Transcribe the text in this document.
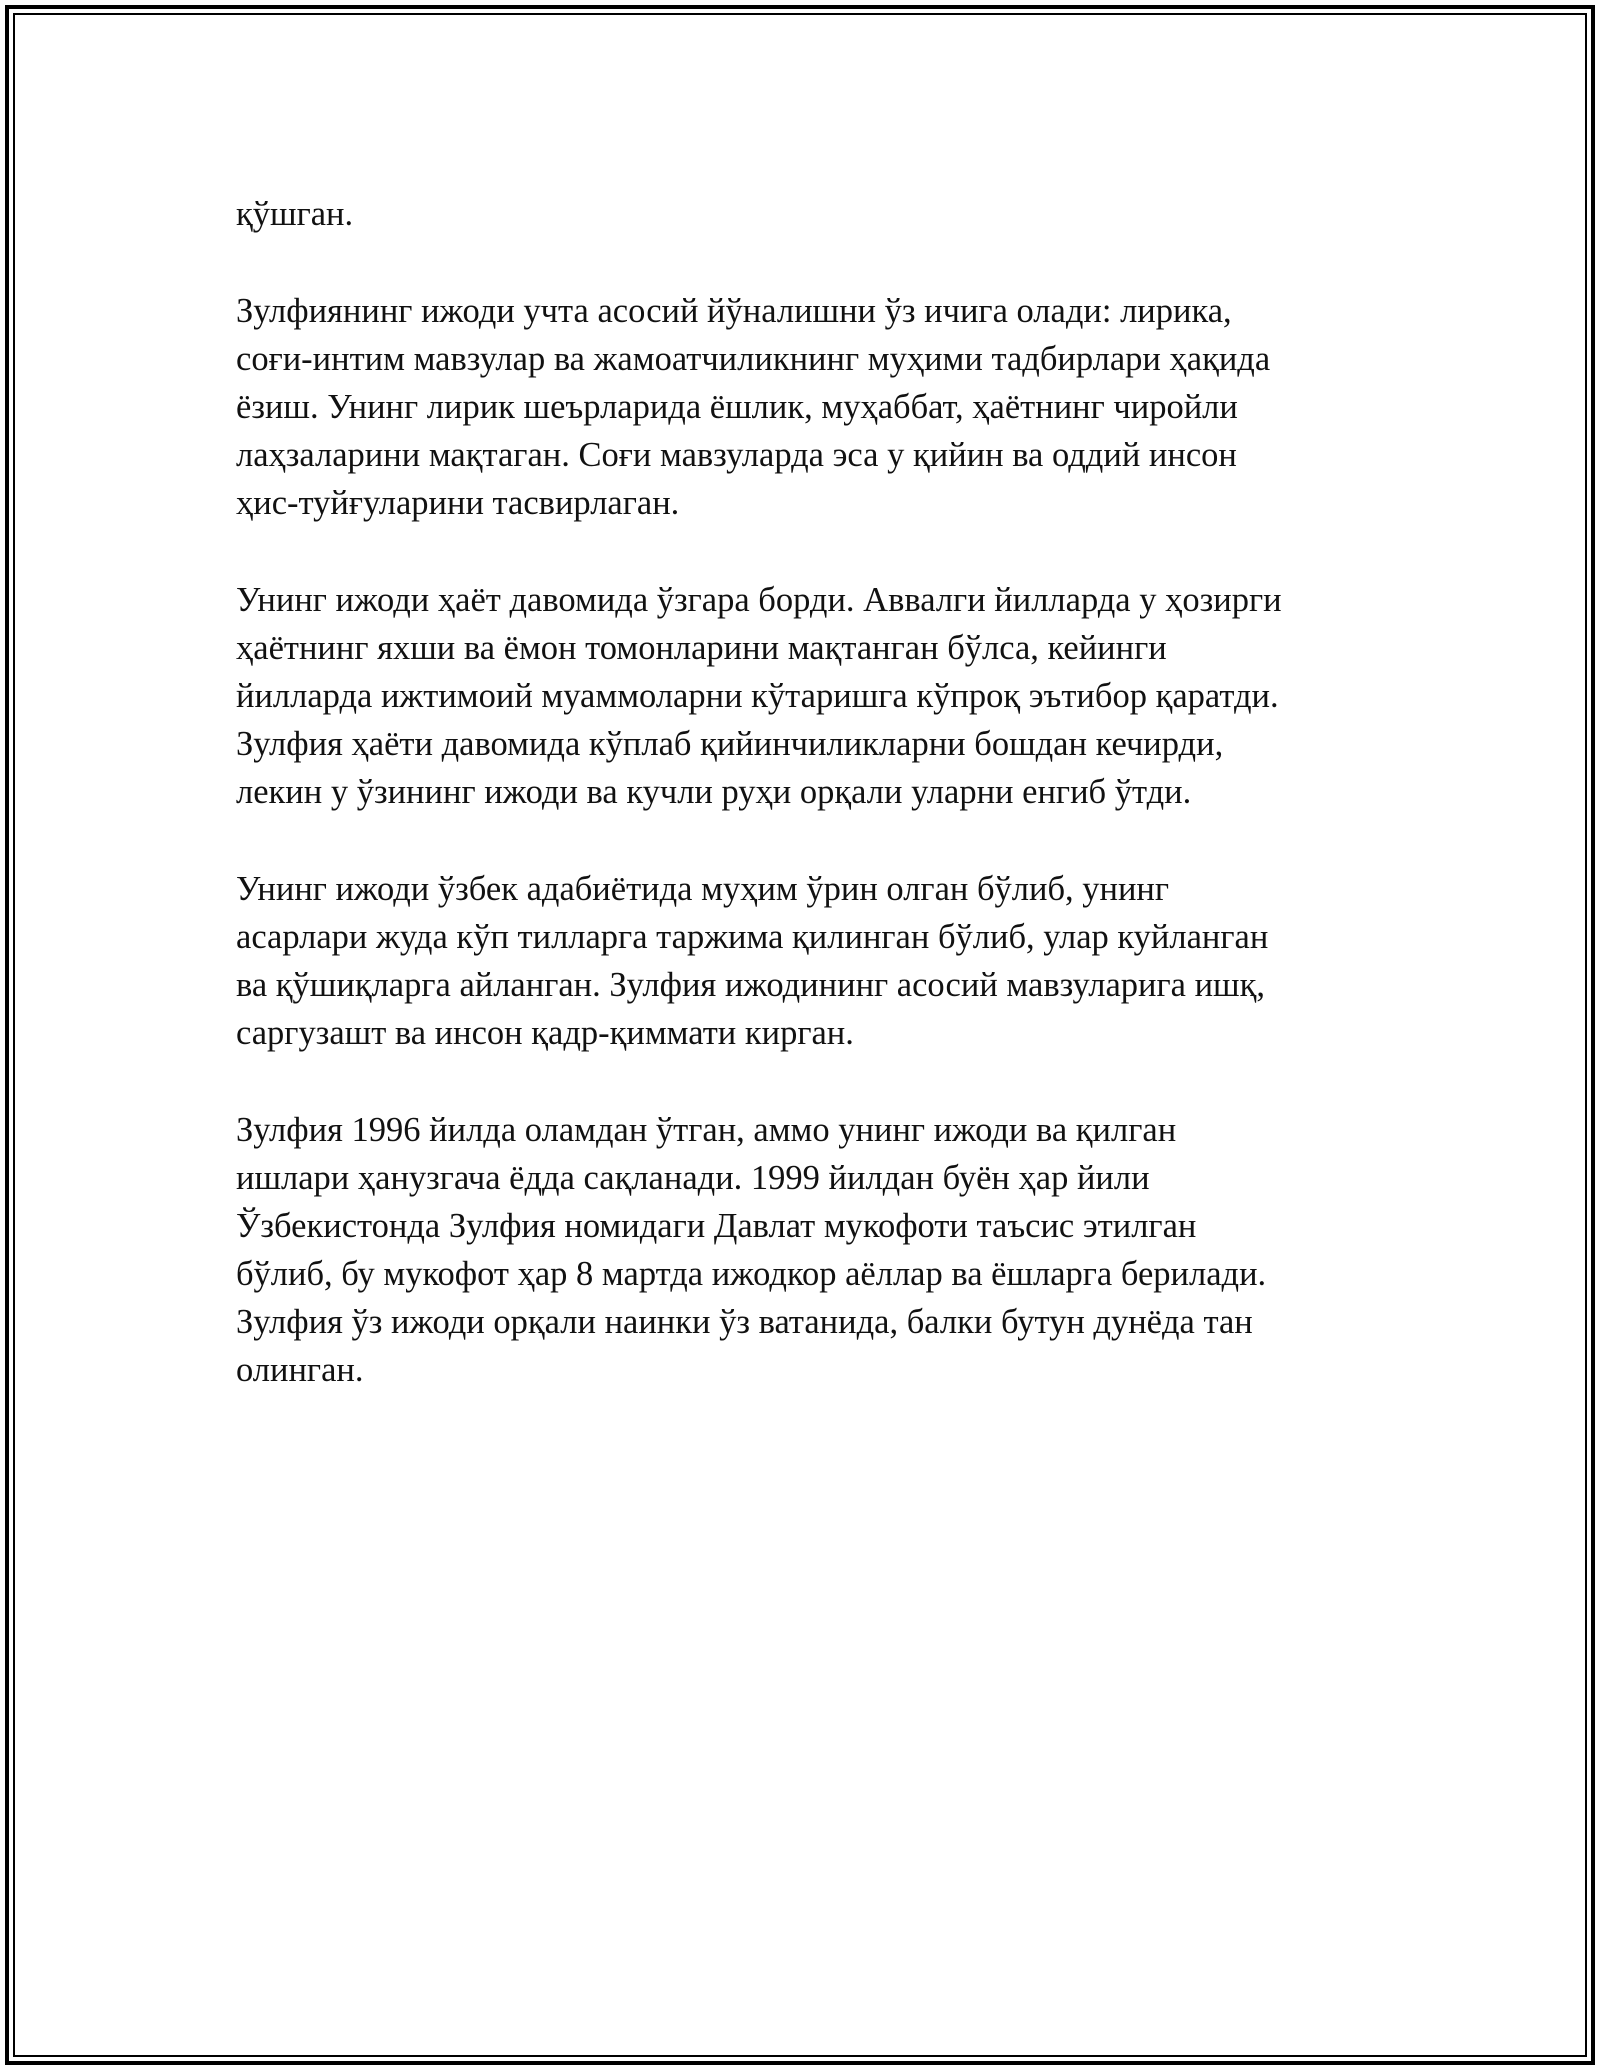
қўшган.

Зулфиянинг ижоди учта асосий йўналишни ўз ичига олади: лирика,
соғи-интим мавзулар ва жамоатчиликнинг муҳими тадбирлари ҳақида
ёзиш. Унинг лирик шеърларида ёшлик, муҳаббат, ҳаётнинг чиройли
лаҳзаларини мақтаган. Соғи мавзуларда эса у қийин ва оддий инсон
ҳис-туйғуларини тасвирлаган.

Унинг ижоди ҳаёт давомида ўзгара борди. Аввалги йилларда у ҳозирги
ҳаётнинг яхши ва ёмон томонларини мақтанган бўлса, кейинги
йилларда ижтимоий муаммоларни кўтаришга кўпроқ эътибор қаратди.
Зулфия ҳаёти давомида кўплаб қийинчиликларни бошдан кечирди,
лекин у ўзининг ижоди ва кучли руҳи орқали уларни енгиб ўтди.

Унинг ижоди ўзбек адабиётида муҳим ўрин олган бўлиб, унинг
асарлари жуда кўп тилларга таржима қилинган бўлиб, улар куйланган
ва қўшиқларга айланган. Зулфия ижодининг асосий мавзуларига ишқ,
саргузашт ва инсон қадр-қиммати кирган.

Зулфия 1996 йилда оламдан ўтган, аммо унинг ижоди ва қилган
ишлари ҳанузгача ёдда сақланади. 1999 йилдан буён ҳар йили
Ўзбекистонда Зулфия номидаги Давлат мукофоти таъсис этилган
бўлиб, бу мукофот ҳар 8 мартда ижодкор аёллар ва ёшларга берилади.
Зулфия ўз ижоди орқали наинки ўз ватанида, балки бутун дунёда тан
олинган.
